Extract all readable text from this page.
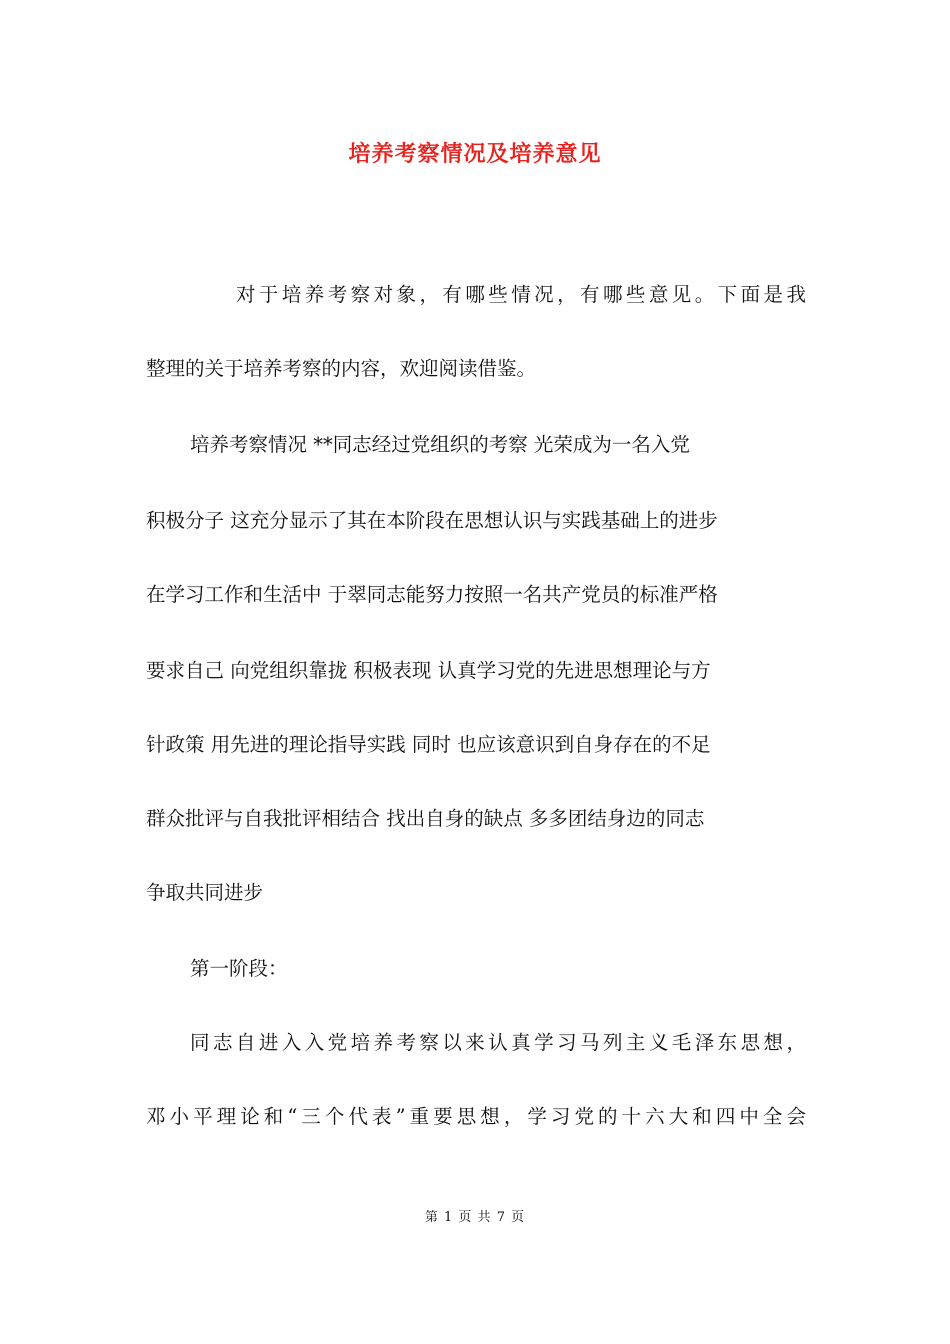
培养考察情况及培养意见
对于培养考察对象，有哪些情况，有哪些意见。下面是我
整理的关于培养考察的内容，欢迎阅读借鉴。
培养考察情况 **同志经过党组织的考察 光荣成为一名入党
积极分子 这充分显示了其在本阶段在思想认识与实践基础上的进步
在学习工作和生活中 于翠同志能努力按照一名共产党员的标准严格
要求自己 向党组织靠拢 积极表现 认真学习党的先进思想理论与方
针政策 用先进的理论指导实践 同时 也应该意识到自身存在的不足
群众批评与自我批评相结合 找出自身的缺点 多多团结身边的同志
争取共同进步
第一阶段：
同志自进入入党培养考察以来认真学习马列主义毛泽东思想，
邓小平理论和“三个代表”重要思想，学习党的十六大和四中全会
第 1 页 共 7 页
